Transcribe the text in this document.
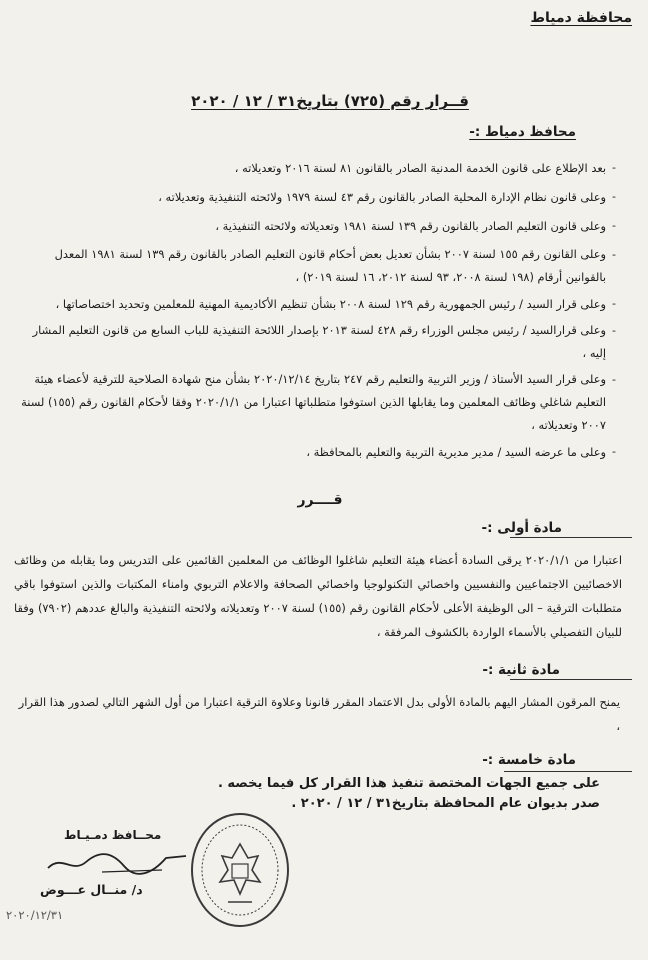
محافظة دمياط
قــرار رقم (٧٢٥) بتاريخ٣١ / ١٢ / ٢٠٢٠
محافظ دمياط :-
-
بعد الإطلاع على قانون الخدمة المدنية الصادر بالقانون ٨١ لسنة ٢٠١٦ وتعديلاته ،
-
وعلى قانون نظام الإدارة المحلية الصادر بالقانون رقم ٤٣ لسنة ١٩٧٩ ولائحته التنفيذية وتعديلاته ،
-
وعلى قانون التعليم الصادر بالقانون رقم ١٣٩ لسنة ١٩٨١ وتعديلاته ولائحته التنفيذية ،
-
وعلى القانون رقم ١٥٥ لسنة ٢٠٠٧ بشأن تعديل بعض أحكام قانون التعليم الصادر بالقانون رقم ١٣٩ لسنة ١٩٨١ المعدل بالقوانين أرقام (١٩٨ لسنة ٢٠٠٨، ٩٣ لسنة ٢٠١٢، ١٦ لسنة ٢٠١٩) ،
-
وعلى قرار السيد / رئيس الجمهورية رقم ١٢٩ لسنة ٢٠٠٨ بشأن تنظيم الأكاديمية المهنية للمعلمين وتحديد اختصاصاتها ،
-
وعلى قرارالسيد / رئيس مجلس الوزراء رقم ٤٢٨ لسنة ٢٠١٣ بإصدار اللائحة التنفيذية للباب السابع من قانون التعليم المشار إليه ،
-
وعلى قرار السيد الأستاذ / وزير التربية والتعليم رقم ٢٤٧ بتاريخ ٢٠٢٠/١٢/١٤ بشأن منح شهادة الصلاحية للترقية لأعضاء هيئة التعليم شاغلي وظائف المعلمين وما يقابلها الذين استوفوا متطلباتها اعتبارا من ٢٠٢٠/١/١ وفقا لأحكام القانون رقم (١٥٥) لسنة ٢٠٠٧ وتعديلاته ،
-
وعلى ما عرضه السيد / مدير مديرية التربية والتعليم بالمحافظة ،
قــــرر
مادة أولى :-
اعتبارا من ٢٠٢٠/١/١ يرقى السادة أعضاء هيئة التعليم شاغلوا الوظائف من المعلمين القائمين على التدريس وما يقابله من وظائف الاخصائيين الاجتماعيين والنفسيين واخصائي التكنولوجيا واخصائي الصحافة والاعلام التربوي وامناء المكتبات والذين استوفوا باقي متطلبات الترقية – الى الوظيفة الأعلى لأحكام القانون رقم (١٥٥) لسنة ٢٠٠٧ وتعديلاته ولائحته التنفيذية والبالغ عددهم (٧٩٠٢) وفقا للبيان التفصيلي بالأسماء الواردة بالكشوف المرفقة ،
مادة ثانية :-
يمنح المرقون المشار اليهم بالمادة الأولى بدل الاعتماد المقرر قانونا وعلاوة الترقية اعتبارا من أول الشهر التالي لصدور هذا القرار ،
مادة خامسة :-
على جميع الجهات المختصة تنفيذ هذا القرار كل فيما يخصه .
صدر بديوان عام المحافظة بتاريخ٣١ / ١٢ / ٢٠٢٠ .
محــافظ دمـيـاط
د/ منــال عـــوض
٢٠٢٠/١٢/٣١
